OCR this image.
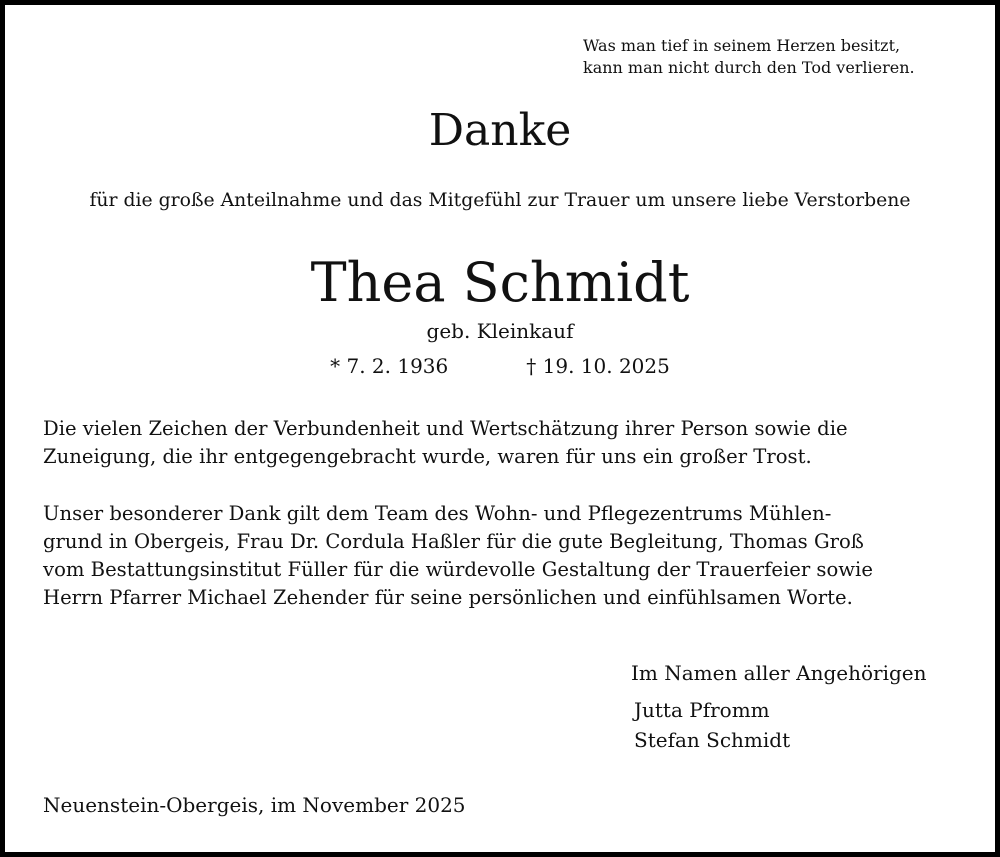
Was man tief in seinem Herzen besitzt,
kann man nicht durch den Tod verlieren.
Danke
für die große Anteilnahme und das Mitgefühl zur Trauer um unsere liebe Verstorbene
Thea Schmidt
geb. Kleinkauf
* 7. 2. 1936	† 19. 10. 2025
Die vielen Zeichen der Verbundenheit und Wertschätzung ihrer Person sowie die
Zuneigung, die ihr entgegengebracht wurde, waren für uns ein großer Trost.
Unser besonderer Dank gilt dem Team des Wohn- und Pflegezentrums Mühlen-
grund in Obergeis, Frau Dr. Cordula Haßler für die gute Begleitung, Thomas Groß
vom Bestattungsinstitut Füller für die würdevolle Gestaltung der Trauerfeier sowie
Herrn Pfarrer Michael Zehender für seine persönlichen und einfühlsamen Worte.
Im Namen aller Angehörigen
Jutta Pfromm
Stefan Schmidt
Neuenstein-Obergeis, im November 2025
